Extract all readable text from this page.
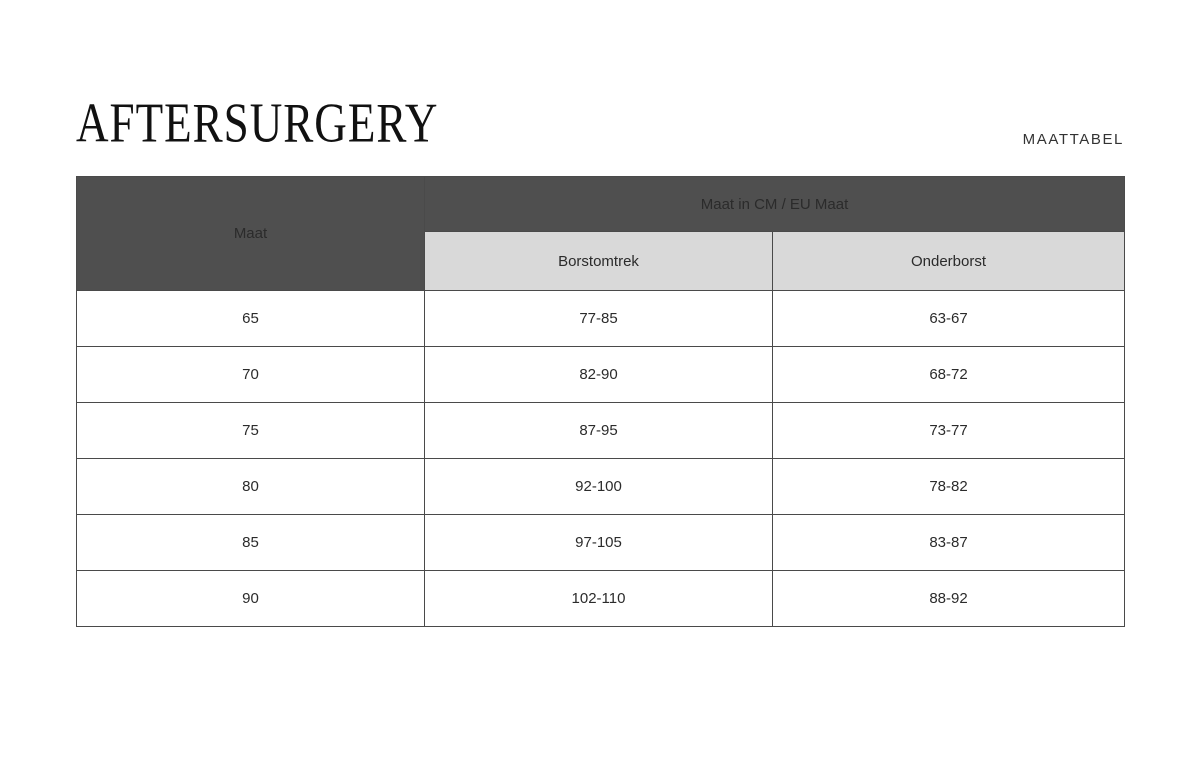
AFTERSURGERY	MAATTABEL
Maat	Maat in CM / EU Maat	
	Borstomtrek	Onderborst
65	77-85	63-67
70	82-90	68-72
75	87-95	73-77
80	92-100	78-82
85	97-105	83-87
90	102-110	88-92
